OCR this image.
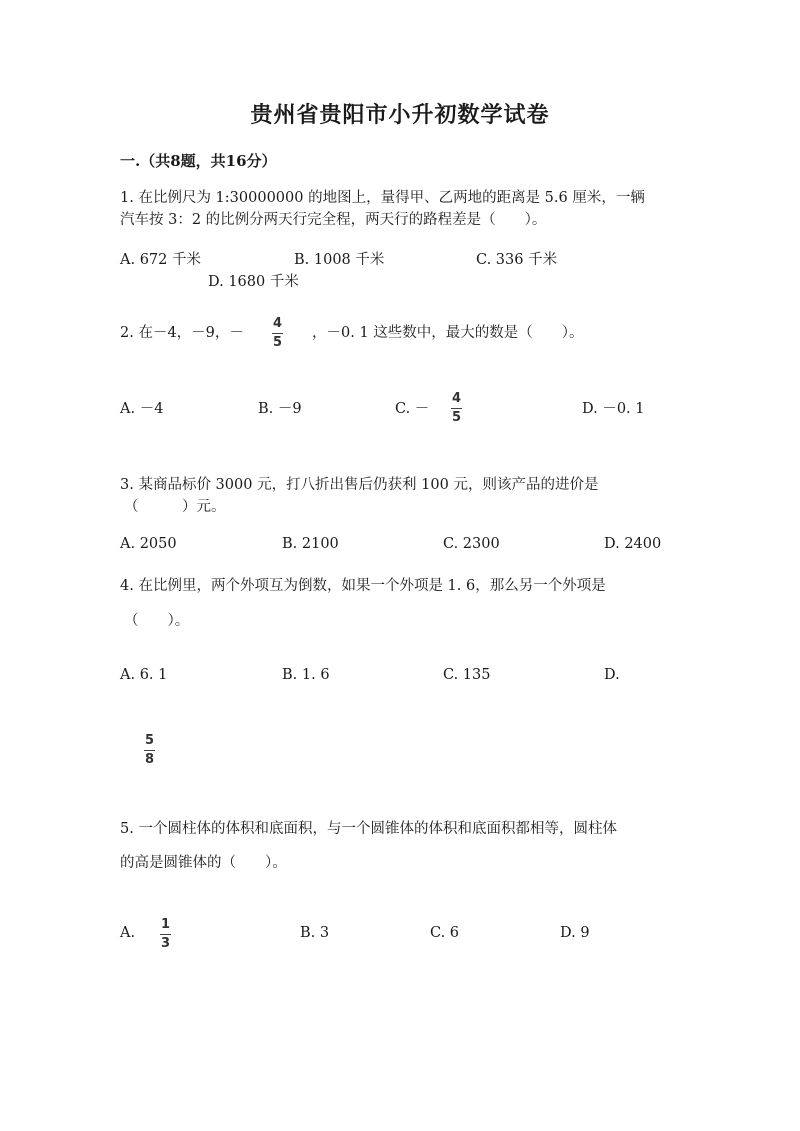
贵州省贵阳市小升初数学试卷
一.（共8题，共16分）
1. 在比例尺为 1:30000000 的地图上，量得甲、乙两地的距离是 5.6 厘米，一辆
汽车按 3：2 的比例分两天行完全程，两天行的路程差是（　　）。
A. 672 千米	B. 1008 千米	C. 336 千米
D. 1680 千米
2. 在－4，－9，－
4
5
，－0. 1 这些数中，最大的数是（　　）。
A. －4	B. －9	C. －
4
5
D. －0. 1
3. 某商品标价 3000 元，打八折出售后仍获利 100 元，则该产品的进价是
（　　　）元。
A. 2050	B. 2100	C. 2300	D. 2400
4. 在比例里，两个外项互为倒数，如果一个外项是 1. 6，那么另一个外项是
（　　）。
A. 6. 1	B. 1. 6	C. 135	D.
5
8
5. 一个圆柱体的体积和底面积，与一个圆锥体的体积和底面积都相等，圆柱体
的高是圆锥体的（　　）。
A.
1
3
B. 3	C. 6	D. 9
